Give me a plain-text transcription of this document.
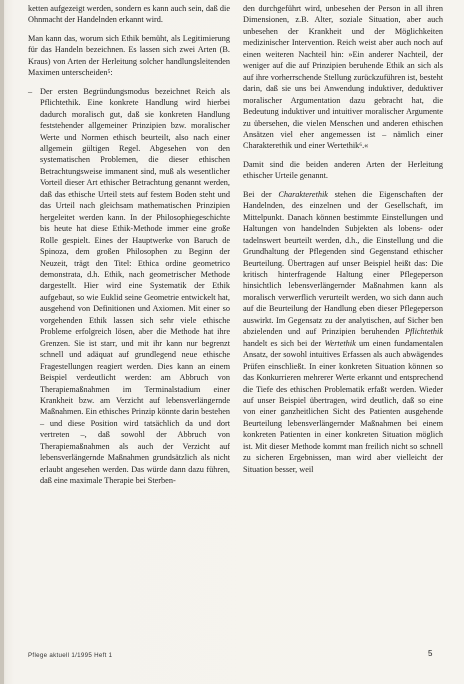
ketten aufgezeigt werden, sondern es kann auch sein, daß die Ohnmacht der Handelnden erkannt wird.

Man kann das, worum sich Ethik bemüht, als Legitimierung für das Handeln bezeichnen. Es lassen sich zwei Arten (B. Kraus) von Arten der Herleitung solcher handlungsleitenden Maximen unterscheiden⁵:

– Der ersten Begründungsmodus bezeichnet Reich als Pflichtethik. Eine konkrete Handlung wird hierbei dadurch moralisch gut, daß sie konkreten Handlung feststehender allgemeiner Prinzipien bzw. moralischer Werte und Normen ethisch beurteilt, also nach einer allgemein gültigen Regel. Abgesehen von den systematischen Problemen, die dieser ethischen Betrachtungsweise immanent sind, muß als wesentlicher Vorteil dieser Art ethischer Betrachtung genannt werden, daß das ethische Urteil stets auf festem Boden steht und das Urteil nach gleichsam mathematischen Prinzipien hergeleitet werden kann. In der Philosophiegeschichte bis heute hat diese Ethik-Methode immer eine große Rolle gespielt. Eines der Hauptwerke von Baruch de Spinoza, dem großen Philosophen zu Beginn der Neuzeit, trägt den Titel: Ethica ordine geometrico demonstrata, d.h. Ethik, nach geometrischer Methode dargestellt. Hier wird eine Systematik der Ethik aufgebaut, so wie Euklid seine Geometrie entwickelt hat, ausgehend von Definitionen und Axiomen. Mit einer so vorgehenden Ethik lassen sich sehr viele ethische Probleme erfolgreich lösen, aber die Methode hat ihre Grenzen. Sie ist starr, und mit ihr kann nur begrenzt schnell und adäquat auf grundlegend neue ethische Fragestellungen reagiert werden. Dies kann an einem Beispiel verdeutlicht werden: am Abbruch von Therapiemaßnahmen im Terminalstadium einer Krankheit bzw. am Verzicht auf lebensverlängernde Maßnahmen. Ein ethisches Prinzip könnte darin bestehen – und diese Position wird tatsächlich da und dort vertreten –, daß sowohl der Abbruch von Therapiemaßnahmen als auch der Verzicht auf lebensverlängernde Maßnahmen grundsätzlich als nicht erlaubt angesehen werden. Das würde dann dazu führen, daß eine maximale Therapie bei Sterben-

den durchgeführt wird, unbesehen der Person in all ihren Dimensionen, z.B. Alter, soziale Situation, aber auch unbesehen der Krankheit und der Möglichkeiten medizinischer Intervention. Reich weist aber auch noch auf einen weiteren Nachteil hin: »Ein anderer Nachteil, der weniger auf die auf Prinzipien beruhende Ethik an sich als auf ihre vorherrschende Stellung zurückzuführen ist, besteht darin, daß sie uns bei Anwendung induktiver, deduktiver moralischer Argumentation dazu gebracht hat, die Bedeutung induktiver und intuitiver moralischer Argumente zu übersehen, die vielen Menschen und anderen ethischen Ansätzen viel eher angemessen ist – nämlich einer Charakterethik und einer Wertethik⁶.«

Damit sind die beiden anderen Arten der Herleitung ethischer Urteile genannt.

Bei der Charakterethik stehen die Eigenschaften der Handelnden, des einzelnen und der Gesellschaft, im Mittelpunkt. Danach können bestimmte Einstellungen und Haltungen von handelnden Subjekten als lobens- oder tadelnswert beurteilt werden, d.h., die Einstellung und die Grundhaltung der Pflegenden sind Gegenstand ethischer Beurteilung. Übertragen auf unser Beispiel heißt das: Die kritisch hinterfragende Haltung einer Pflegeperson hinsichtlich lebensverlängernder Maßnahmen kann als moralisch verwerflich verurteilt werden, wo sich dann auch auf die Beurteilung der Handlung eben dieser Pflegeperson auswirkt. Im Gegensatz zu der analytischen, auf Sicher ben abzielenden und auf Prinzipien beruhenden Pflichtethik handelt es sich bei der Wertethik um einen fundamentalen Ansatz, der sowohl intuitives Erfassen als auch abwägendes Prüfen einschließt. In einer konkreten Situation können so das Konkurrieren mehrerer Werte erkannt und entsprechend die Tiefe des ethischen Problematik erfaßt werden. Wieder auf unser Beispiel übertragen, wird deutlich, daß so eine von einer ganzheitlichen Sicht des Patienten ausgehende Beurteilung lebensverlängernder Maßnahmen bei einem konkreten Patienten in einer konkreten Situation möglich ist. Mit dieser Methode kommt man freilich nicht so schnell zu sicheren Ergebnissen, man wird aber vielleicht der Situation besser, weil

Pflege aktuell 1/1995 Heft 1	5
